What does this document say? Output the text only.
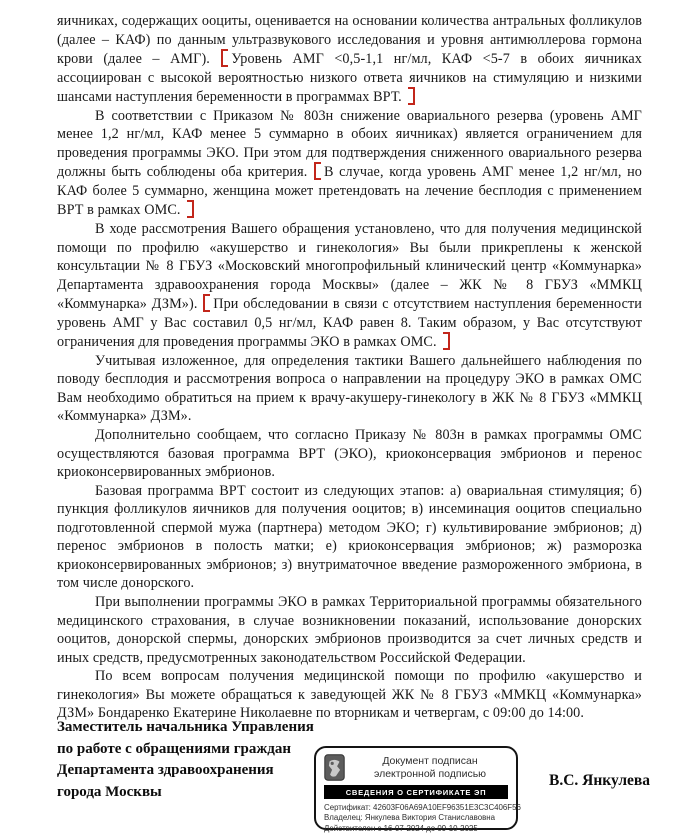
яичниках, содержащих ооциты, оценивается на основании количества антральных фолликулов (далее – КАФ) по данным ультразвукового исследования и уровня антимюллерова гормона крови (далее – АМГ). Уровень АМГ <0,5-1,1 нг/мл, КАФ <5-7 в обоих яичниках ассоциирован с высокой вероятностью низкого ответа яичников на стимуляцию и низкими шансами наступления беременности в программах ВРТ.

В соответствии с Приказом № 803н снижение овариального резерва (уровень АМГ менее 1,2 нг/мл, КАФ менее 5 суммарно в обоих яичниках) является ограничением для проведения программы ЭКО. При этом для подтверждения сниженного овариального резерва должны быть соблюдены оба критерия. В случае, когда уровень АМГ менее 1,2 нг/мл, но КАФ более 5 суммарно, женщина может претендовать на лечение бесплодия с применением ВРТ в рамках ОМС.

В ходе рассмотрения Вашего обращения установлено, что для получения медицинской помощи по профилю «акушерство и гинекология» Вы были прикреплены к женской консультации № 8 ГБУЗ «Московский многопрофильный клинический центр «Коммунарка» Департамента здравоохранения города Москвы» (далее – ЖК № 8 ГБУЗ «ММКЦ «Коммунарка» ДЗМ»). При обследовании в связи с отсутствием наступления беременности уровень АМГ у Вас составил 0,5 нг/мл, КАФ равен 8. Таким образом, у Вас отсутствуют ограничения для проведения программы ЭКО в рамках ОМС.

Учитывая изложенное, для определения тактики Вашего дальнейшего наблюдения по поводу бесплодия и рассмотрения вопроса о направлении на процедуру ЭКО в рамках ОМС Вам необходимо обратиться на прием к врачу-акушеру-гинекологу в ЖК № 8 ГБУЗ «ММКЦ «Коммунарка» ДЗМ».

Дополнительно сообщаем, что согласно Приказу № 803н в рамках программы ОМС осуществляются базовая программа ВРТ (ЭКО), криоконсервация эмбрионов и перенос криоконсервированных эмбрионов.

Базовая программа ВРТ состоит из следующих этапов: а) овариальная стимуляция; б) пункция фолликулов яичников для получения ооцитов; в) инсеминация ооцитов специально подготовленной спермой мужа (партнера) методом ЭКО; г) культивирование эмбрионов; д) перенос эмбрионов в полость матки; е) криоконсервация эмбрионов; ж) разморозка криоконсервированных эмбрионов; з) внутриматочное введение размороженного эмбриона, в том числе донорского.

При выполнении программы ЭКО в рамках Территориальной программы обязательного медицинского страхования, в случае возникновении показаний, использование донорских ооцитов, донорской спермы, донорских эмбрионов производится за счет личных средств и иных средств, предусмотренных законодательством Российской Федерации.

По всем вопросам получения медицинской помощи по профилю «акушерство и гинекология» Вы можете обращаться к заведующей ЖК № 8 ГБУЗ «ММКЦ «Коммунарка» ДЗМ» Бондаренко Екатерине Николаевне по вторникам и четвергам, с 09:00 до 14:00.

Заместитель начальника Управления
по работе с обращениями граждан
Департамента здравоохранения
города Москвы
Документ подписан
электронной подписью
СВЕДЕНИЯ О СЕРТИФИКАТЕ ЭП
Сертификат: 42603F06A69A10EF96351E3C3C406F56
Владелец: Янкулева Виктория Станиславовна
Действителен с 16-07-2024 до 09-10-2025
В.С. Янкулева
